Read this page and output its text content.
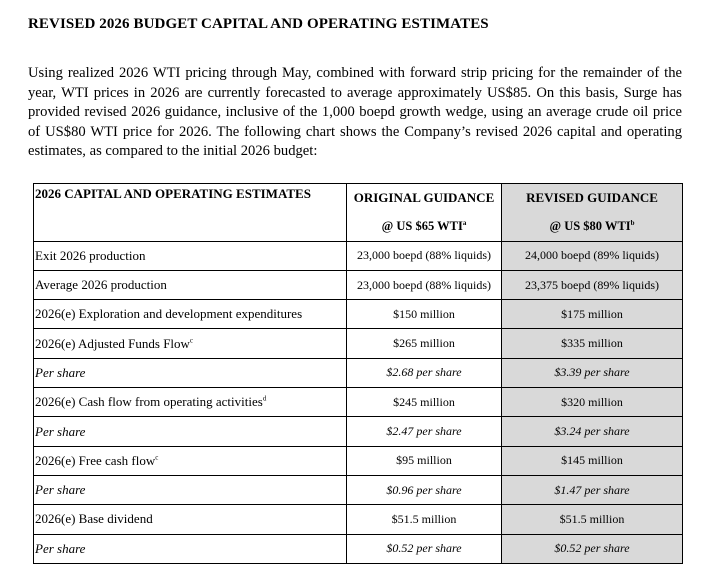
REVISED 2026 BUDGET CAPITAL AND OPERATING ESTIMATES
Using realized 2026 WTI pricing through May, combined with forward strip pricing for the remainder of the year, WTI prices in 2026 are currently forecasted to average approximately US$85. On this basis, Surge has provided revised 2026 guidance, inclusive of the 1,000 boepd growth wedge, using an average crude oil price of US$80 WTI price for 2026. The following chart shows the Company’s revised 2026 capital and operating estimates, as compared to the initial 2026 budget:
2026 CAPITAL AND OPERATING ESTIMATES	ORIGINAL GUIDANCE	REVISED GUIDANCE
	@ US $65 WTI$^a$	@ US $80 WTI$^b$
Exit 2026 production	23,000 boepd (88% liquids)	24,000 boepd (89% liquids)
Average 2026 production	23,000 boepd (88% liquids)	23,375 boepd (89% liquids)
2026(e) Exploration and development expenditures	$150 million	$175 million
2026(e) Adjusted Funds Flow$^c$	$265 million	$335 million
Per share	$2.68 per share	$3.39 per share
2026(e) Cash flow from operating activities$^d$	$245 million	$320 million
Per share	$2.47 per share	$3.24 per share
2026(e) Free cash flow$^c$	$95 million	$145 million
Per share	$0.96 per share	$1.47 per share
2026(e) Base dividend	$51.5 million	$51.5 million
Per share	$0.52 per share	$0.52 per share
